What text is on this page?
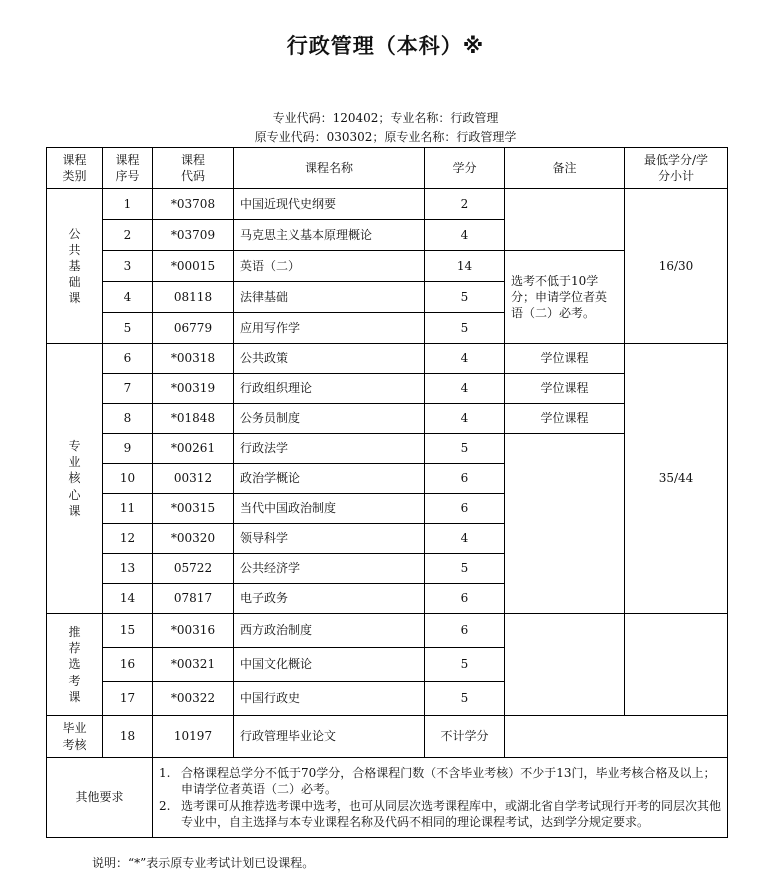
行政管理（本科）※
专业代码：120402；专业名称：行政管理
原专业代码：030302；原专业名称：行政管理学
课程类别	课程序号	课程代码	课程名称	学分	备注	最低学分/学分小计
公共基础课	1	*03708	中国近现代史纲要	2		16/30
	2	*03709	马克思主义基本原理概论	4		
	3	*00015	英语（二）	14	选考不低于10学分；申请学位者英语（二）必考。	
	4	08118	法律基础	5		
	5	06779	应用写作学	5		
专业核心课	6	*00318	公共政策	4	学位课程	35/44
	7	*00319	行政组织理论	4	学位课程	
	8	*01848	公务员制度	4	学位课程	
	9	*00261	行政法学	5		
	10	00312	政治学概论	6		
	11	*00315	当代中国政治制度	6		
	12	*00320	领导科学	4		
	13	05722	公共经济学	5		
	14	07817	电子政务	6		
推荐选考课	15	*00316	西方政治制度	6		
	16	*00321	中国文化概论	5		
	17	*00322	中国行政史	5		
毕业考核	18	10197	行政管理毕业论文	不计学分		
其他要求		1. 合格课程总学分不低于70学分，合格课程门数（不含毕业考核）不少于13门，毕业考核合格及以上；申请学位者英语（二）必考。
2. 选考课可从推荐选考课中选考，也可从同层次选考课程库中，或湖北省自学考试现行开考的同层次其他专业中，自主选择与本专业课程名称及代码不相同的理论课程考试，达到学分规定要求。				
说明：“*”表示原专业考试计划已设课程。
